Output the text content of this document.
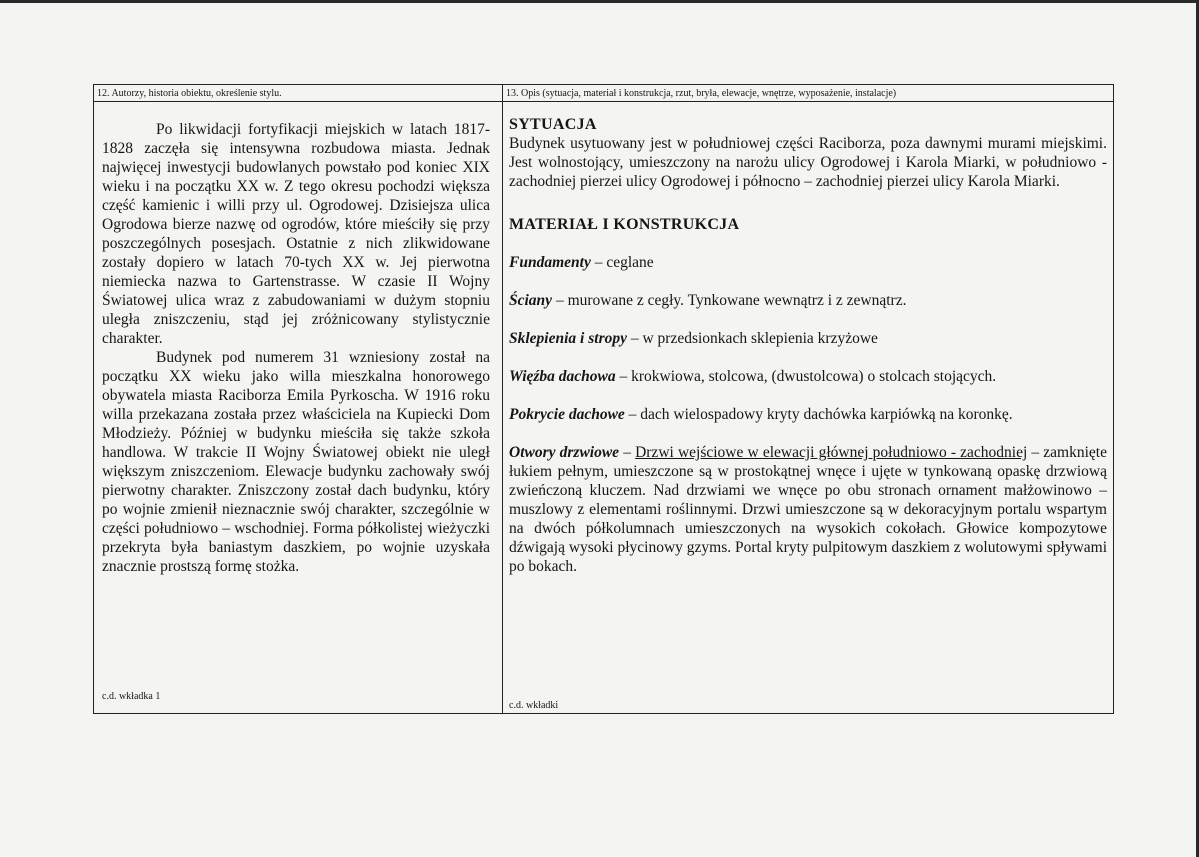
12. Autorzy, historia obiektu, określenie stylu.

Po likwidacji fortyfikacji miejskich w latach 1817- 1828 zaczęła się intensywna rozbudowa miasta. Jednak najwięcej inwestycji budowlanych powstało pod koniec XIX wieku i na początku XX w. Z tego okresu pochodzi większa część kamienic i willi przy ul. Ogrodowej. Dzisiejsza ulica Ogrodowa bierze nazwę od ogrodów, które mieściły się przy poszczególnych posesjach. Ostatnie z nich zlikwidowane zostały dopiero w latach 70-tych XX w. Jej pierwotna niemiecka nazwa to Gartenstrasse. W czasie II Wojny Światowej ulica wraz z zabudowaniami w dużym stopniu uległa zniszczeniu, stąd jej zróżnicowany stylistycznie charakter.

Budynek pod numerem 31 wzniesiony został na początku XX wieku jako willa mieszkalna honorowego obywatela miasta Raciborza Emila Pyrkoscha. W 1916 roku willa przekazana została przez właściciela na Kupiecki Dom Młodzieży. Później w budynku mieściła się także szkoła handlowa. W trakcie II Wojny Światowej obiekt nie uległ większym zniszczeniom. Elewacje budynku zachowały swój pierwotny charakter. Zniszczony został dach budynku, który po wojnie zmienił nieznacznie swój charakter, szczególnie w części południowo – wschodniej. Forma półkolistej wieżyczki przekryta była baniastym daszkiem, po wojnie uzyskała znacznie prostszą formę stożka.

c.d. wkładka 1
13. Opis (sytuacja, materiał i konstrukcja, rzut, bryła, elewacje, wnętrze, wyposażenie, instalacje)

SYTUACJA

Budynek usytuowany jest w południowej części Raciborza, poza dawnymi murami miejskimi. Jest wolnostojący, umieszczony na narożu ulicy Ogrodowej i Karola Miarki, w południowo - zachodniej pierzei ulicy Ogrodowej i północno – zachodniej pierzei ulicy Karola Miarki.

MATERIAŁ I KONSTRUKCJA

Fundamenty – ceglane

Ściany – murowane z cegły. Tynkowane wewnątrz i z zewnątrz.

Sklepienia i stropy – w przedsionkach sklepienia krzyżowe

Więźba dachowa – krokwiowa, stolcowa, (dwustolcowa) o stolcach stojących.

Pokrycie dachowe – dach wielospadowy kryty dachówka karpiówką na koronkę.

Otwory drzwiowe – Drzwi wejściowe w elewacji głównej południowo - zachodniej – zamknięte łukiem pełnym, umieszczone są w prostokątnej wnęce i ujęte w tynkowaną opaskę drzwiową zwieńczoną kluczem. Nad drzwiami we wnęce po obu stronach ornament małżowinowo – muszlowy z elementami roślinnymi. Drzwi umieszczone są w dekoracyjnym portalu wspartym na dwóch półkolumnach umieszczonych na wysokich cokołach. Głowice kompozytowe dźwigają wysoki płycinowy gzyms. Portal kryty pulpitowym daszkiem z wolutowymi spływami po bokach.

c.d. wkładki
